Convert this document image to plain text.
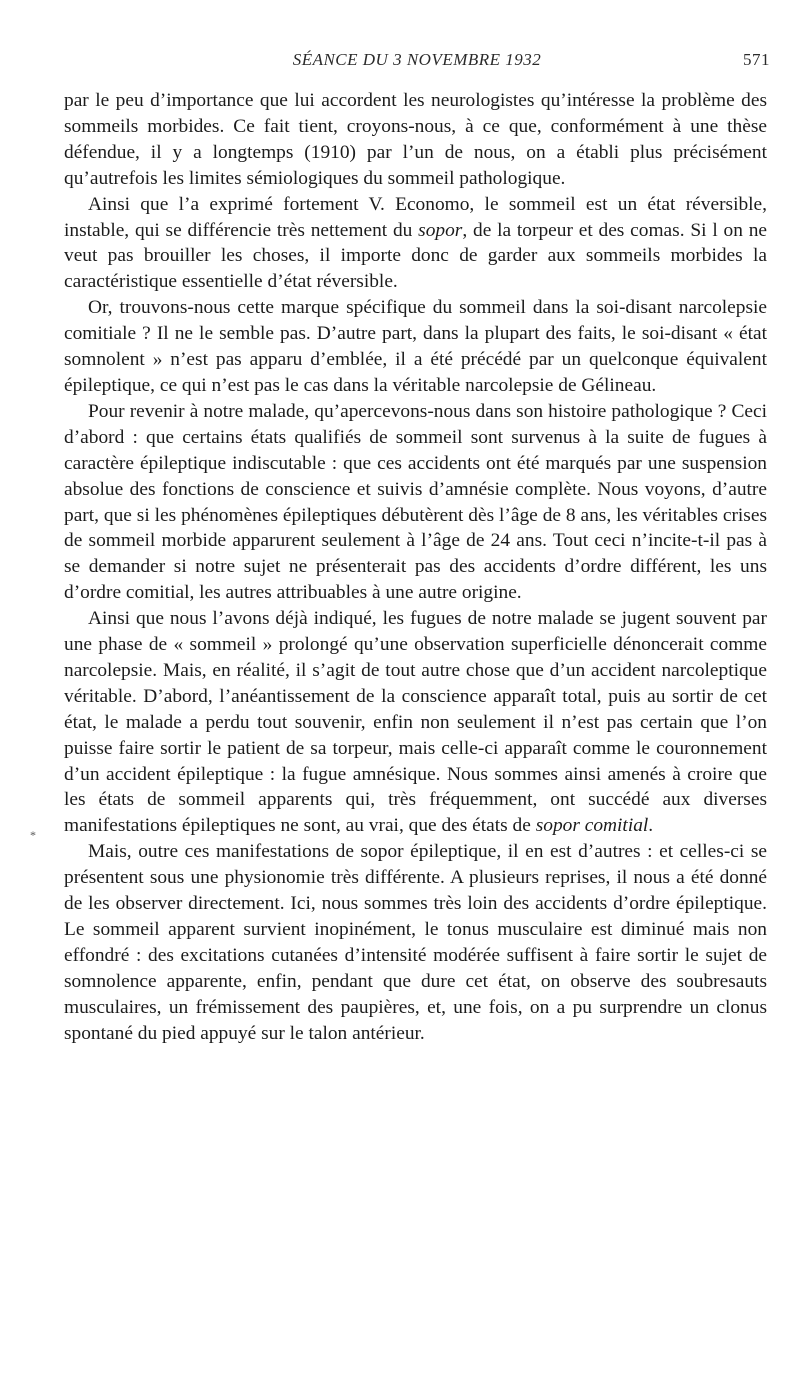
SÉANCE DU 3 NOVEMBRE 1932	571
*

par le peu d’importance que lui accordent les neurologistes qu’intéresse la problème des sommeils morbides. Ce fait tient, croyons-nous, à ce que, conformément à une thèse défendue, il y a longtemps (1910) par l’un de nous, on a établi plus précisément qu’autrefois les limites sémiologiques du sommeil pathologique.

Ainsi que l’a exprimé fortement V. Economo, le sommeil est un état réversible, instable, qui se différencie très nettement du sopor, de la torpeur et des comas. Si l on ne veut pas brouiller les choses, il importe donc de garder aux sommeils morbides la caractéristique essentielle d’état réversible.

Or, trouvons-nous cette marque spécifique du sommeil dans la soi-disant narcolepsie comitiale ? Il ne le semble pas. D’autre part, dans la plupart des faits, le soi-disant « état somnolent » n’est pas apparu d’emblée, il a été précédé par un quelconque équivalent épileptique, ce qui n’est pas le cas dans la véritable narcolepsie de Gélineau.

Pour revenir à notre malade, qu’apercevons-nous dans son histoire pathologique ? Ceci d’abord : que certains états qualifiés de sommeil sont survenus à la suite de fugues à caractère épileptique indiscutable : que ces accidents ont été marqués par une suspension absolue des fonctions de conscience et suivis d’amnésie complète. Nous voyons, d’autre part, que si les phénomènes épileptiques débutèrent dès l’âge de 8 ans, les véritables crises de sommeil morbide apparurent seulement à l’âge de 24 ans. Tout ceci n’incite-t-il pas à se demander si notre sujet ne présenterait pas des accidents d’ordre différent, les uns d’ordre comitial, les autres attribuables à une autre origine.

Ainsi que nous l’avons déjà indiqué, les fugues de notre malade se jugent souvent par une phase de « sommeil » prolongé qu’une observation superficielle dénoncerait comme narcolepsie. Mais, en réalité, il s’agit de tout autre chose que d’un accident narcoleptique véritable. D’abord, l’anéantissement de la conscience apparaît total, puis au sortir de cet état, le malade a perdu tout souvenir, enfin non seulement il n’est pas certain que l’on puisse faire sortir le patient de sa torpeur, mais celle-ci apparaît comme le couronnement d’un accident épileptique : la fugue amnésique. Nous sommes ainsi amenés à croire que les états de sommeil apparents qui, très fréquemment, ont succédé aux diverses manifestations épileptiques ne sont, au vrai, que des états de sopor comitial.

Mais, outre ces manifestations de sopor épileptique, il en est d’autres : et celles-ci se présentent sous une physionomie très différente. A plusieurs reprises, il nous a été donné de les observer directement. Ici, nous sommes très loin des accidents d’ordre épileptique. Le sommeil apparent survient inopinément, le tonus musculaire est diminué mais non effondré : des excitations cutanées d’intensité modérée suffisent à faire sortir le sujet de somnolence apparente, enfin, pendant que dure cet état, on observe des soubresauts musculaires, un frémissement des paupières, et, une fois, on a pu surprendre un clonus spontané du pied appuyé sur le talon antérieur.
